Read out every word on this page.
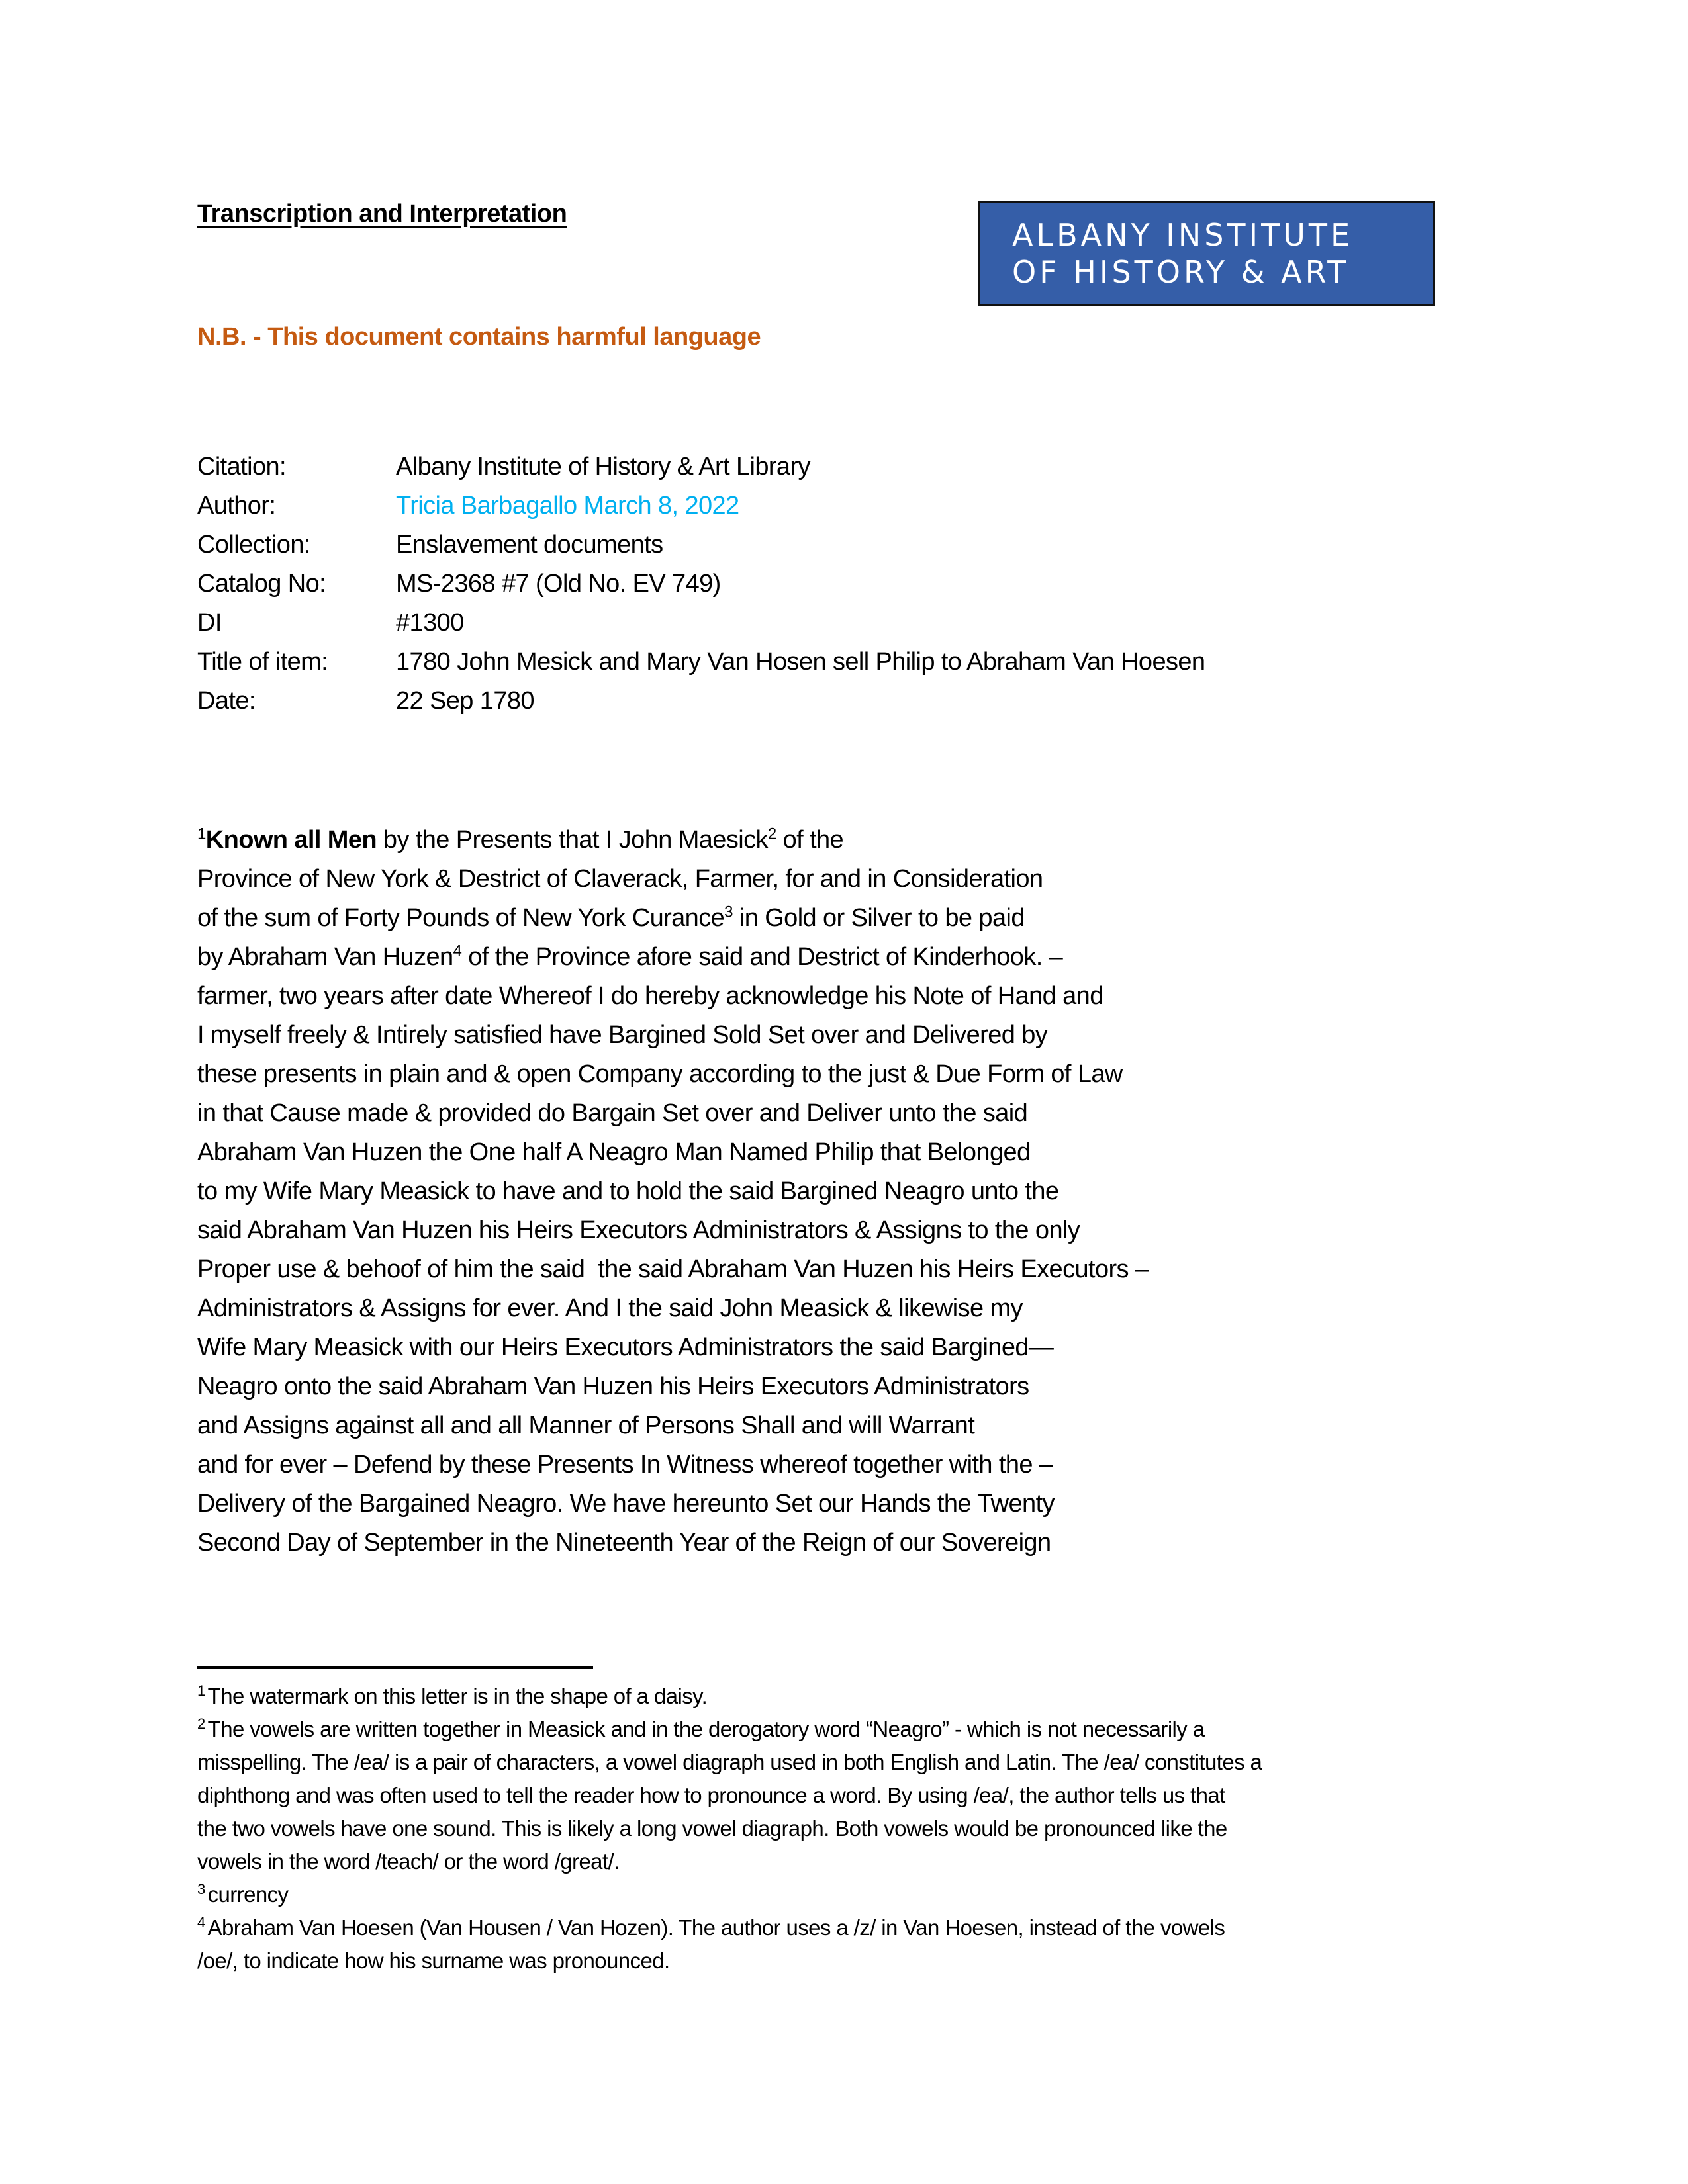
Transcription and Interpretation
ALBANY INSTITUTE
OF HISTORY & ART
N.B. - This document contains harmful language
Citation:	Albany Institute of History & Art Library
Author:	Tricia Barbagallo March 8, 2022
Collection:	Enslavement documents
Catalog No:	MS-2368 #7 (Old No. EV 749)
DI	#1300
Title of item:	1780 John Mesick and Mary Van Hosen sell Philip to Abraham Van Hoesen
Date:	22 Sep 1780
$^1$Known all Men by the Presents that I John Maesick$^2$ of the
Province of New York & Destrict of Claverack, Farmer, for and in Consideration
of the sum of Forty Pounds of New York Curance$^3$ in Gold or Silver to be paid
by Abraham Van Huzen$^4$ of the Province afore said and Destrict of Kinderhook. –
farmer, two years after date Whereof I do hereby acknowledge his Note of Hand and
I myself freely & Intirely satisfied have Bargined Sold Set over and Delivered by
these presents in plain and & open Company according to the just & Due Form of Law
in that Cause made & provided do Bargain Set over and Deliver unto the said
Abraham Van Huzen the One half A Neagro Man Named Philip that Belonged
to my Wife Mary Measick to have and to hold the said Bargined Neagro unto the
said Abraham Van Huzen his Heirs Executors Administrators & Assigns to the only
Proper use & behoof of him the said  the said Abraham Van Huzen his Heirs Executors –
Administrators & Assigns for ever. And I the said John Measick & likewise my
Wife Mary Measick with our Heirs Executors Administrators the said Bargined—
Neagro onto the said Abraham Van Huzen his Heirs Executors Administrators
and Assigns against all and all Manner of Persons Shall and will Warrant
and for ever – Defend by these Presents In Witness whereof together with the –
Delivery of the Bargained Neagro. We have hereunto Set our Hands the Twenty
Second Day of September in the Nineteenth Year of the Reign of our Sovereign
$^1$ The watermark on this letter is in the shape of a daisy.
$^2$ The vowels are written together in Measick and in the derogatory word “Neagro” - which is not necessarily a
misspelling. The /ea/ is a pair of characters, a vowel diagraph used in both English and Latin. The /ea/ constitutes a
diphthong and was often used to tell the reader how to pronounce a word. By using /ea/, the author tells us that
the two vowels have one sound. This is likely a long vowel diagraph. Both vowels would be pronounced like the
vowels in the word /teach/ or the word /great/.
$^3$ currency
$^4$ Abraham Van Hoesen (Van Housen / Van Hozen). The author uses a /z/ in Van Hoesen, instead of the vowels
/oe/, to indicate how his surname was pronounced.
